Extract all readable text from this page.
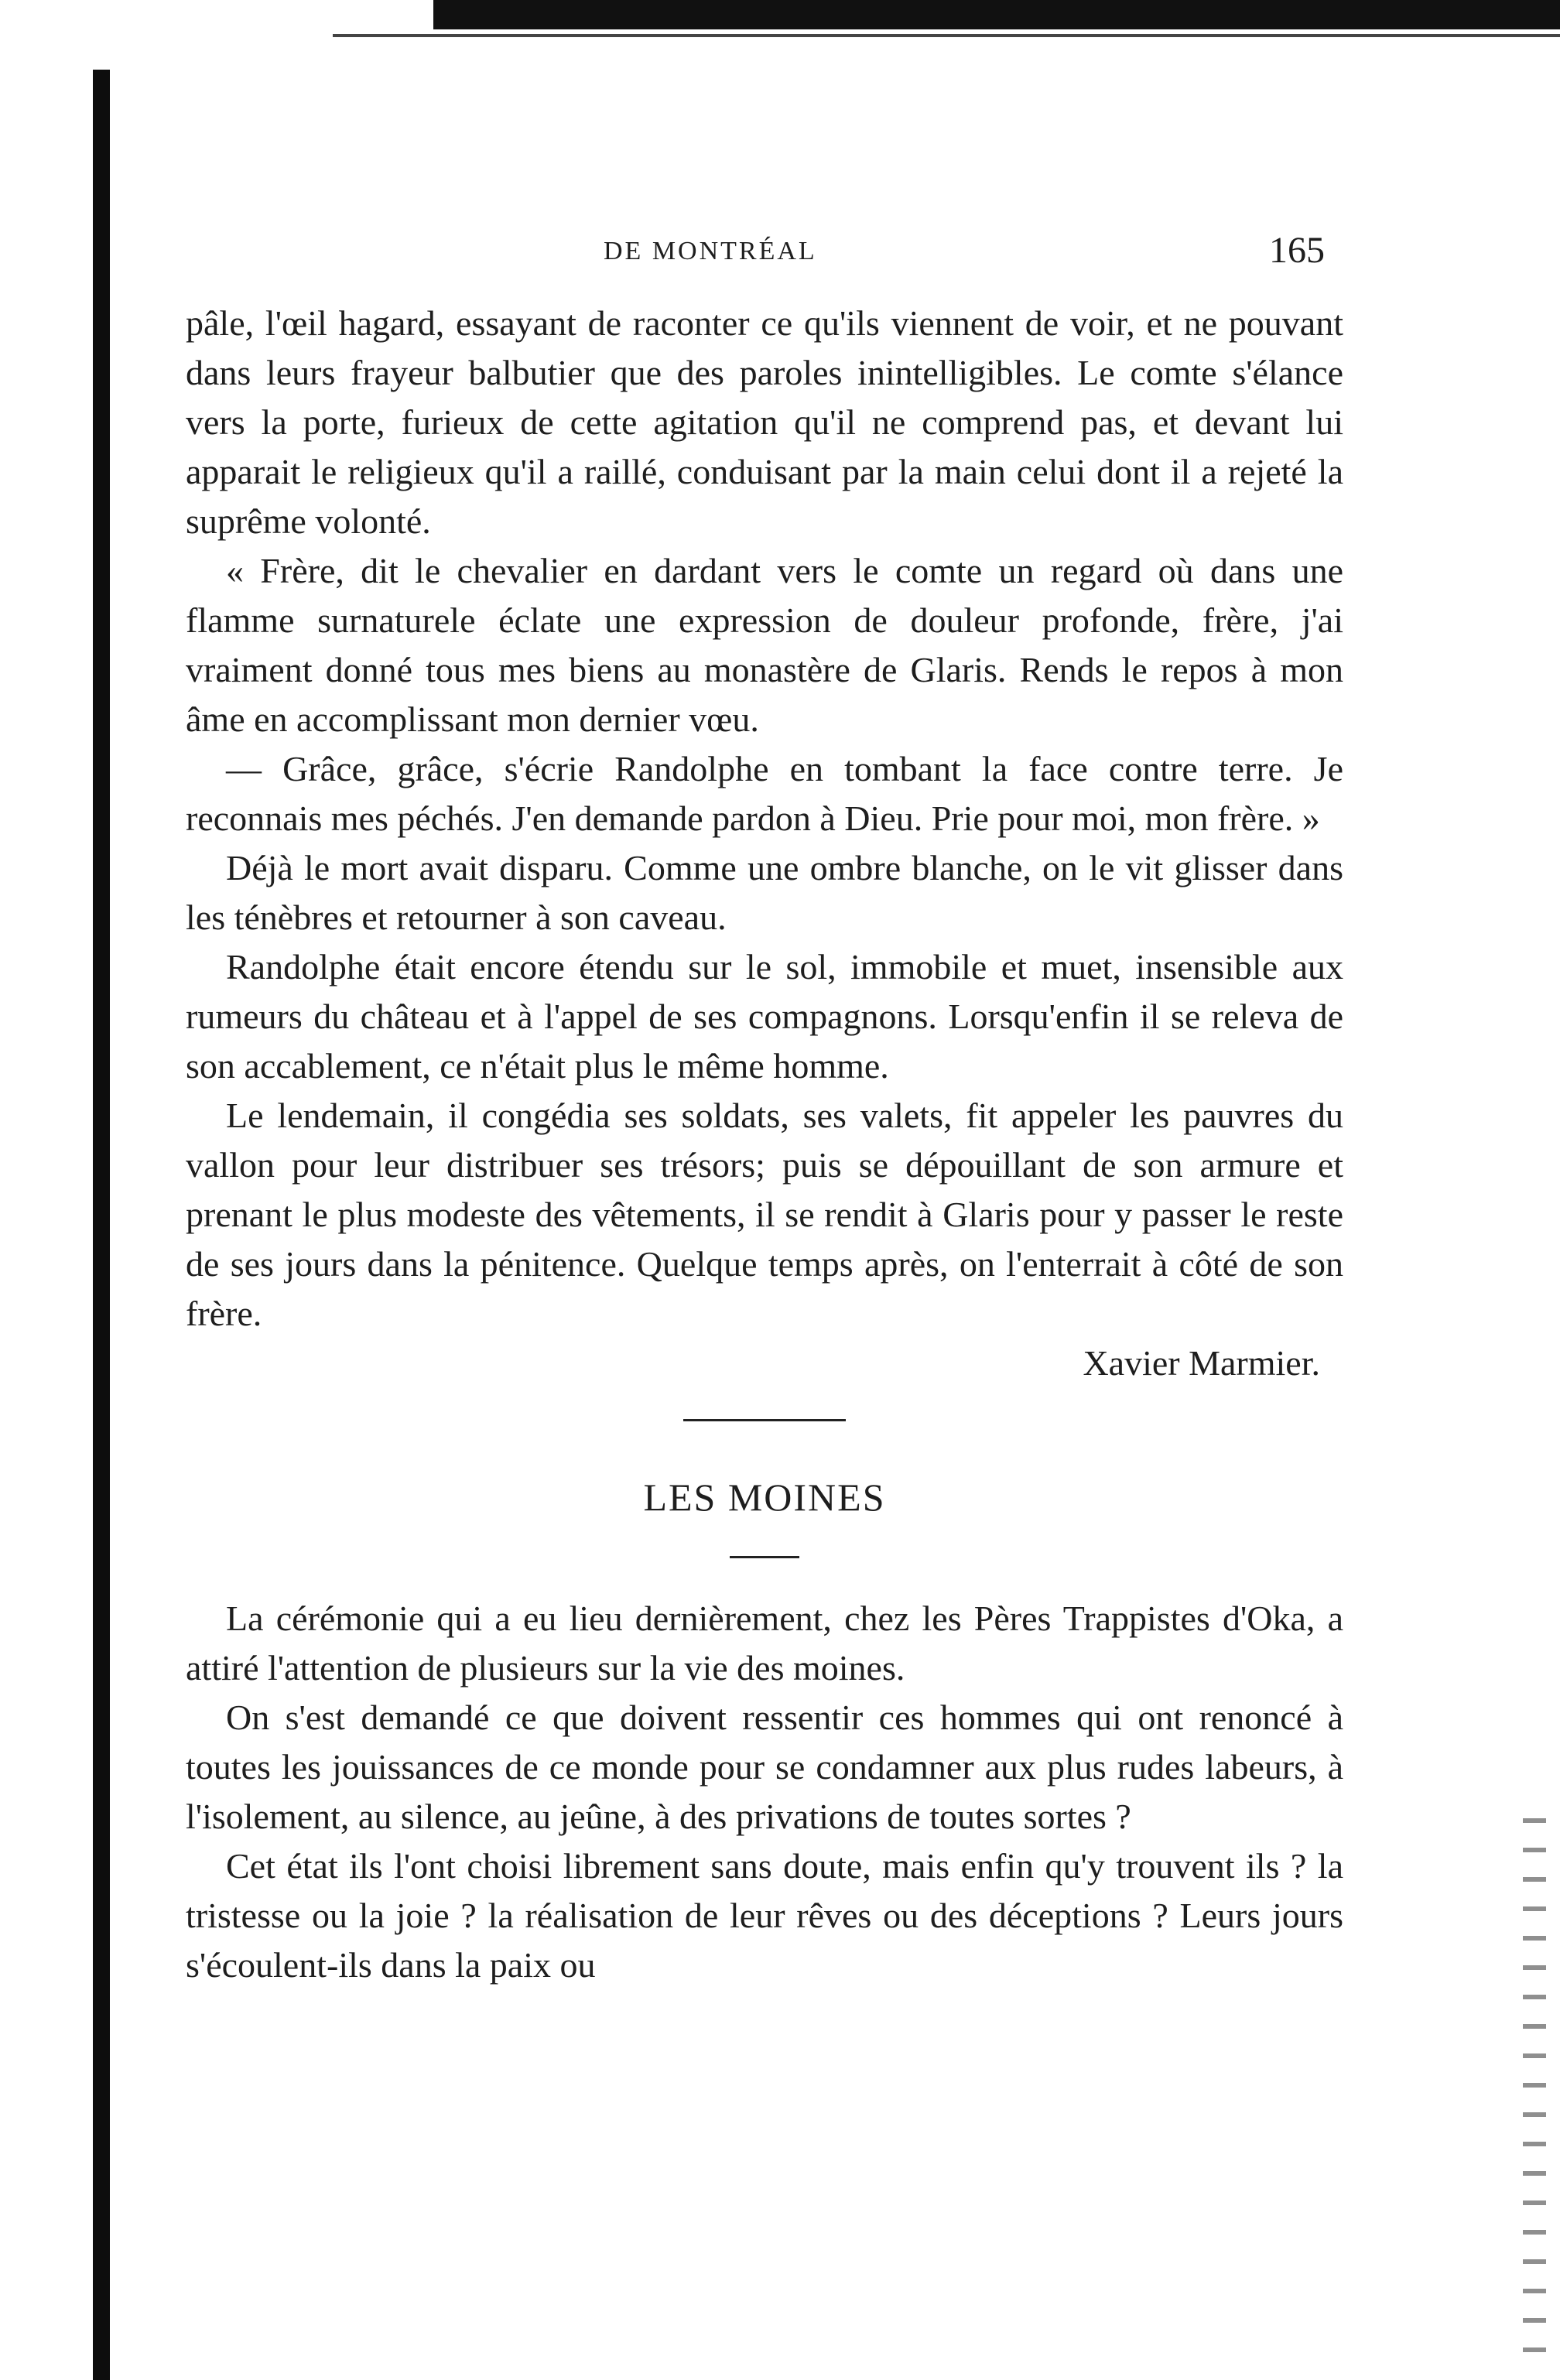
DE MONTRÉAL	165

pâle, l'œil hagard, essayant de raconter ce qu'ils viennent de voir, et ne pouvant dans leurs frayeur balbutier que des paroles inintelligibles. Le comte s'élance vers la porte, furieux de cette agitation qu'il ne comprend pas, et devant lui apparait le religieux qu'il a raillé, conduisant par la main celui dont il a rejeté la suprême volonté.

« Frère, dit le chevalier en dardant vers le comte un regard où dans une flamme surnaturele éclate une expression de douleur profonde, frère, j'ai vraiment donné tous mes biens au monastère de Glaris. Rends le repos à mon âme en accomplissant mon dernier vœu.

— Grâce, grâce, s'écrie Randolphe en tombant la face contre terre. Je reconnais mes péchés. J'en demande pardon à Dieu. Prie pour moi, mon frère. »

Déjà le mort avait disparu. Comme une ombre blanche, on le vit glisser dans les ténèbres et retourner à son caveau.

Randolphe était encore étendu sur le sol, immobile et muet, insensible aux rumeurs du château et à l'appel de ses compagnons. Lorsqu'enfin il se releva de son accablement, ce n'était plus le même homme.

Le lendemain, il congédia ses soldats, ses valets, fit appeler les pauvres du vallon pour leur distribuer ses trésors; puis se dépouillant de son armure et prenant le plus modeste des vêtements, il se rendit à Glaris pour y passer le reste de ses jours dans la pénitence. Quelque temps après, on l'enterrait à côté de son frère.

Xavier Marmier.

LES MOINES

La cérémonie qui a eu lieu dernièrement, chez les Pères Trappistes d'Oka, a attiré l'attention de plusieurs sur la vie des moines.

On s'est demandé ce que doivent ressentir ces hommes qui ont renoncé à toutes les jouissances de ce monde pour se condamner aux plus rudes labeurs, à l'isolement, au silence, au jeûne, à des privations de toutes sortes ?

Cet état ils l'ont choisi librement sans doute, mais enfin qu'y trouvent ils ? la tristesse ou la joie ? la réalisation de leur rêves ou des déceptions ? Leurs jours s'écoulent-ils dans la paix ou
